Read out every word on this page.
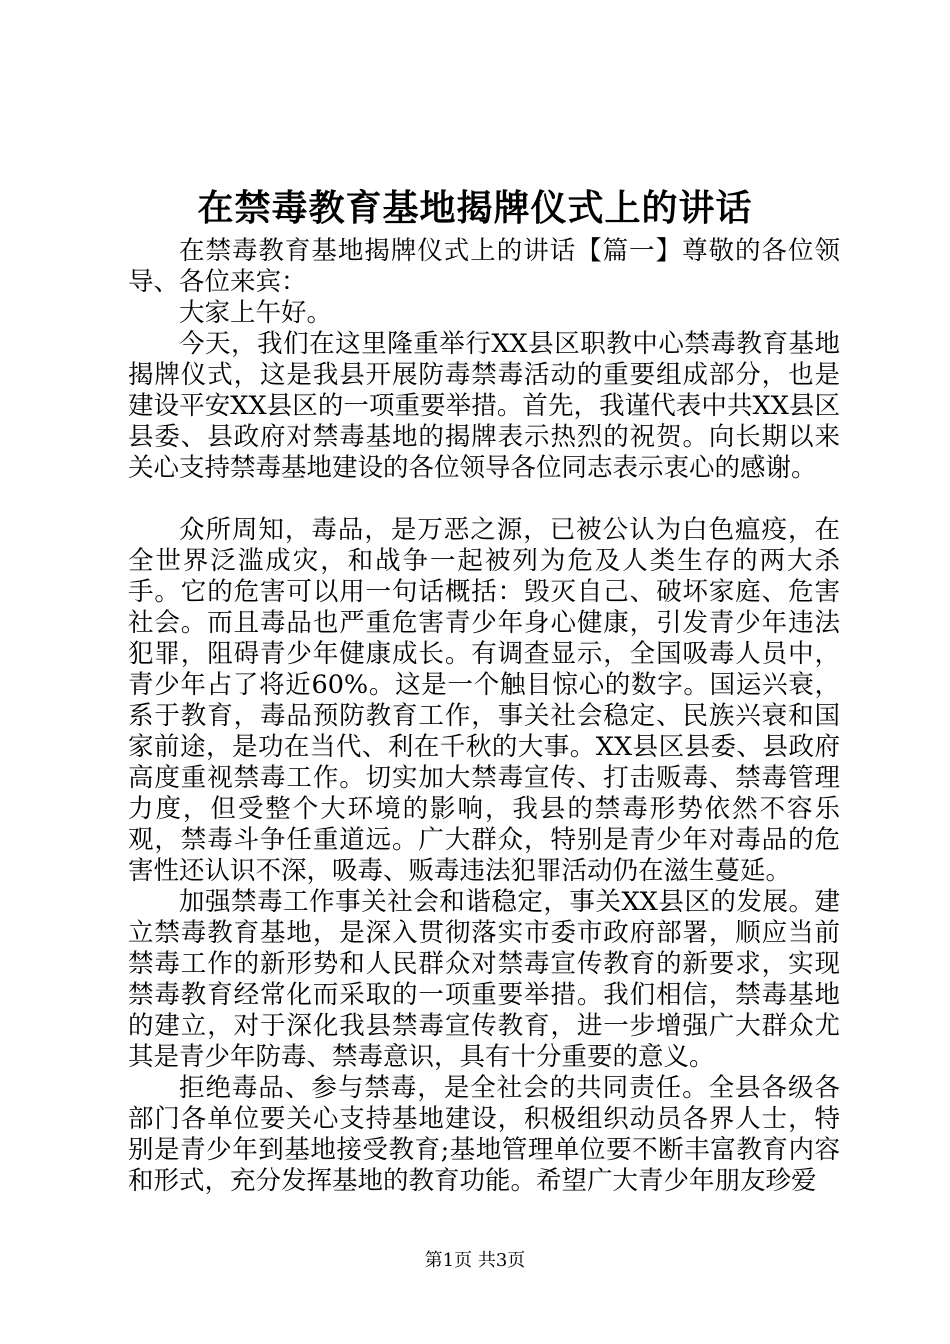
在禁毒教育基地揭牌仪式上的讲话

在禁毒教育基地揭牌仪式上的讲话【篇一】尊敬的各位领导、各位来宾：

大家上午好。

今天，我们在这里隆重举行XX县区职教中心禁毒教育基地揭牌仪式，这是我县开展防毒禁毒活动的重要组成部分，也是建设平安XX县区的一项重要举措。首先，我谨代表中共XX县区县委、县政府对禁毒基地的揭牌表示热烈的祝贺。向长期以来关心支持禁毒基地建设的各位领导各位同志表示衷心的感谢。

众所周知，毒品，是万恶之源，已被公认为白色瘟疫，在全世界泛滥成灾，和战争一起被列为危及人类生存的两大杀手。它的危害可以用一句话概括：毁灭自己、破坏家庭、危害社会。而且毒品也严重危害青少年身心健康，引发青少年违法犯罪，阻碍青少年健康成长。有调查显示，全国吸毒人员中，青少年占了将近60%。这是一个触目惊心的数字。国运兴衰，系于教育，毒品预防教育工作，事关社会稳定、民族兴衰和国家前途，是功在当代、利在千秋的大事。XX县区县委、县政府高度重视禁毒工作。切实加大禁毒宣传、打击贩毒、禁毒管理力度，但受整个大环境的影响，我县的禁毒形势依然不容乐观，禁毒斗争任重道远。广大群众，特别是青少年对毒品的危害性还认识不深，吸毒、贩毒违法犯罪活动仍在滋生蔓延。

加强禁毒工作事关社会和谐稳定，事关XX县区的发展。建立禁毒教育基地，是深入贯彻落实市委市政府部署，顺应当前禁毒工作的新形势和人民群众对禁毒宣传教育的新要求，实现禁毒教育经常化而采取的一项重要举措。我们相信，禁毒基地的建立，对于深化我县禁毒宣传教育，进一步增强广大群众尤其是青少年防毒、禁毒意识，具有十分重要的意义。

拒绝毒品、参与禁毒，是全社会的共同责任。全县各级各部门各单位要关心支持基地建设，积极组织动员各界人士，特别是青少年到基地接受教育;基地管理单位要不断丰富教育内容和形式，充分发挥基地的教育功能。希望广大青少年朋友珍爱

第1页 共3页
